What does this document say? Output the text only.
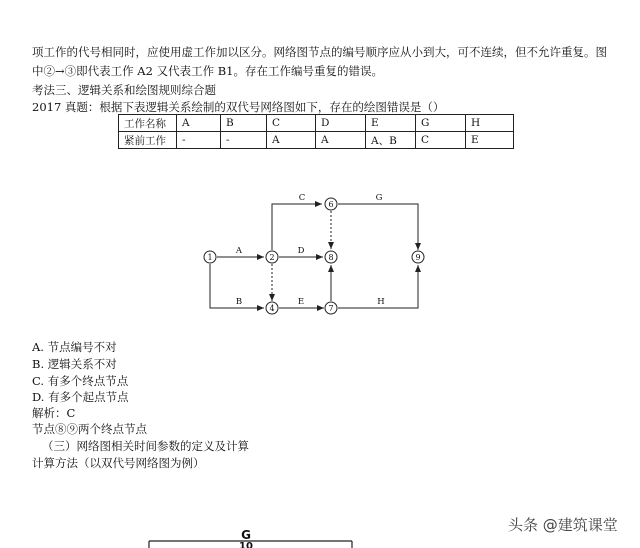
项工作的代号相同时，应使用虚工作加以区分。网络图节点的编号顺序应从小到大，可不连续，但不允许重复。图
中②→③即代表工作 A2 又代表工作 B1。存在工作编号重复的错误。
考法三、逻辑关系和绘图规则综合题
2017 真题：根据下表逻辑关系绘制的双代号网络图如下，存在的绘图错误是（）
工作名称	A	B	C	D	E	G	H
紧前工作	-	-	A	A	A、B	C	E
A
B
C
D
E
G
H
1	2
4
6
7
8	9
G
10
A. 节点编号不对
B. 逻辑关系不对
C. 有多个终点节点
D. 有多个起点节点
解析：C
节点⑧⑨两个终点节点
（三）网络图相关时间参数的定义及计算
计算方法（以双代号网络图为例）
头条 @建筑课堂
